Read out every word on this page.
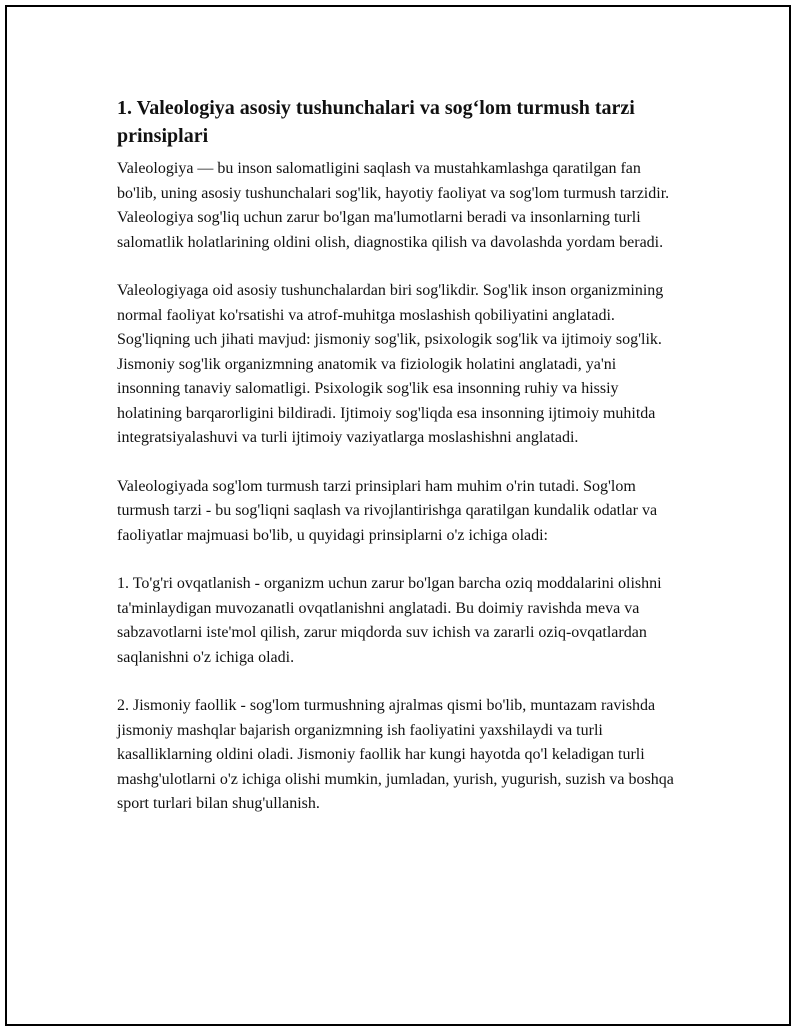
1. Valeologiya asosiy tushunchalari va sog‘lom turmush tarzi prinsiplari

Valeologiya — bu inson salomatligini saqlash va mustahkamlashga qaratilgan fan bo'lib, uning asosiy tushunchalari sog'lik, hayotiy faoliyat va sog'lom turmush tarzidir. Valeologiya sog'liq uchun zarur bo'lgan ma'lumotlarni beradi va insonlarning turli salomatlik holatlarining oldini olish, diagnostika qilish va davolashda yordam beradi.

Valeologiyaga oid asosiy tushunchalardan biri sog'likdir. Sog'lik inson organizmining normal faoliyat ko'rsatishi va atrof-muhitga moslashish qobiliyatini anglatadi. Sog'liqning uch jihati mavjud: jismoniy sog'lik, psixologik sog'lik va ijtimoiy sog'lik. Jismoniy sog'lik organizmning anatomik va fiziologik holatini anglatadi, ya'ni insonning tanaviy salomatligi. Psixologik sog'lik esa insonning ruhiy va hissiy holatining barqarorligini bildiradi. Ijtimoiy sog'liqda esa insonning ijtimoiy muhitda integratsiyalashuvi va turli ijtimoiy vaziyatlarga moslashishni anglatadi.

Valeologiyada sog'lom turmush tarzi prinsiplari ham muhim o'rin tutadi. Sog'lom turmush tarzi - bu sog'liqni saqlash va rivojlantirishga qaratilgan kundalik odatlar va faoliyatlar majmuasi bo'lib, u quyidagi prinsiplarni o'z ichiga oladi:

1. To'g'ri ovqatlanish - organizm uchun zarur bo'lgan barcha oziq moddalarini olishni ta'minlaydigan muvozanatli ovqatlanishni anglatadi. Bu doimiy ravishda meva va sabzavotlarni iste'mol qilish, zarur miqdorda suv ichish va zararli oziq-ovqatlardan saqlanishni o'z ichiga oladi.

2. Jismoniy faollik - sog'lom turmushning ajralmas qismi bo'lib, muntazam ravishda jismoniy mashqlar bajarish organizmning ish faoliyatini yaxshilaydi va turli kasalliklarning oldini oladi. Jismoniy faollik har kungi hayotda qo'l keladigan turli mashg'ulotlarni o'z ichiga olishi mumkin, jumladan, yurish, yugurish, suzish va boshqa sport turlari bilan shug'ullanish.
